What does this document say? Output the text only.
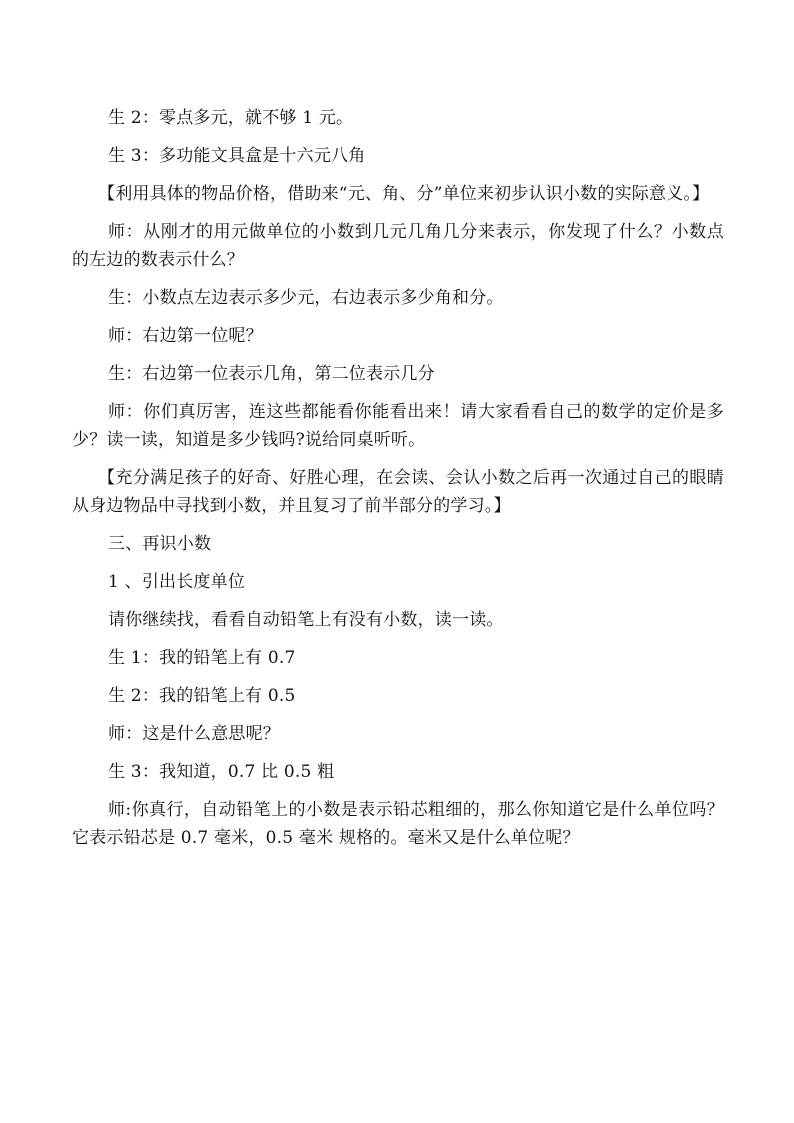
生 2：零点多元，就不够 1 元。

生 3：多功能文具盒是十六元八角

【利用具体的物品价格，借助来“元、角、分”单位来初步认识小数的实际意义。】

师：从刚才的用元做单位的小数到几元几角几分来表示，你发现了什么？小数点的左边的数表示什么？

生：小数点左边表示多少元，右边表示多少角和分。

师：右边第一位呢？

生：右边第一位表示几角，第二位表示几分

师：你们真厉害，连这些都能看你能看出来！请大家看看自己的数学的定价是多少？读一读，知道是多少钱吗?说给同桌听听。

【充分满足孩子的好奇、好胜心理，在会读、会认小数之后再一次通过自己的眼睛从身边物品中寻找到小数，并且复习了前半部分的学习。】

三、再识小数

1 、引出长度单位

请你继续找，看看自动铅笔上有没有小数，读一读。

生 1：我的铅笔上有 0.7

生 2：我的铅笔上有 0.5

师：这是什么意思呢？

生 3：我知道，0.7 比 0.5 粗

师:你真行，自动铅笔上的小数是表示铅芯粗细的，那么你知道它是什么单位吗？它表示铅芯是 0.7 毫米，0.5 毫米 规格的。毫米又是什么单位呢？
